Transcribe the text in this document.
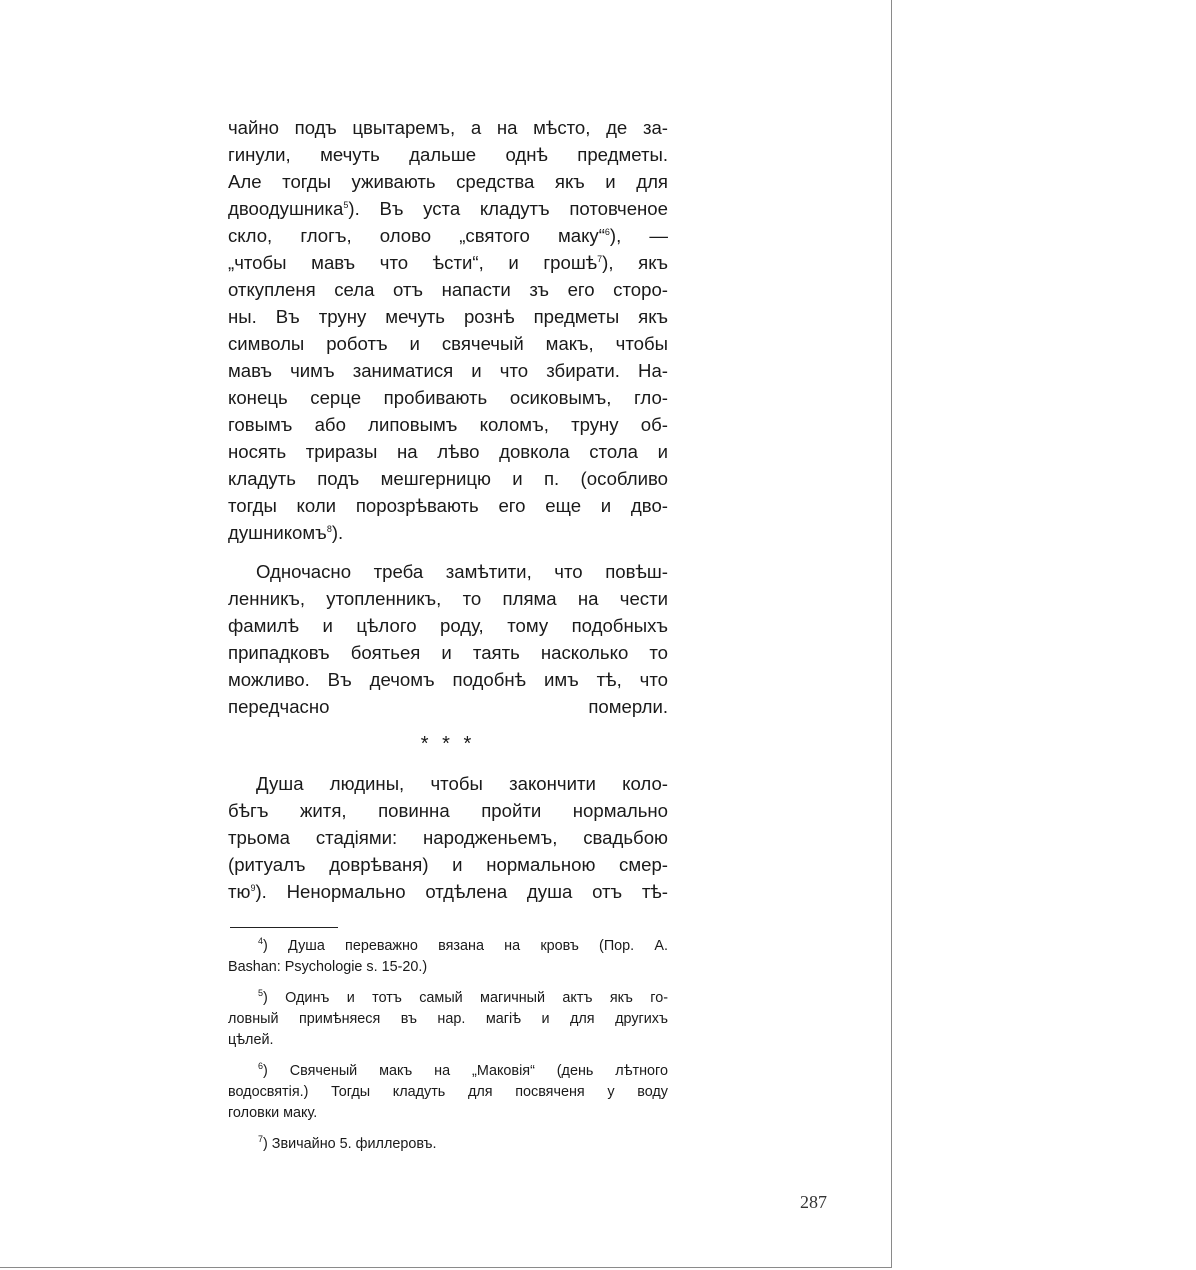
чайно подъ цвытаремъ, а на мѣсто, де за-
гинули, мечуть дальше однѣ предметы.
Але тогды уживають средства якъ и для
двоодушника$^5$). Въ уста кладутъ потовченое
скло, глогъ, олово „святого маку“$^6$), —
„чтобы мавъ что ѣсти“, и грошѣ$^7$), якъ
откупленя села отъ напасти зъ его сторо-
ны. Въ труну мечуть рознѣ предметы якъ
символы роботъ и свячечый макъ, чтобы
мавъ чимъ заниматися и что збирати. На-
конець серце пробивають осиковымъ, гло-
говымъ або липовымъ коломъ, труну об-
носять триразы на лѣво довкола стола и
кладуть подъ мешгерницю и п. (особливо
тогды коли порозрѣвають его еще и дво-
душникомъ$^8$).
Одночасно треба замѣтити, что повѣш-
ленникъ, утопленникъ, то пляма на чести
фамилѣ и цѣлого роду, тому подобныхъ
припадковъ боятьея и таять насколько то
можливо. Въ дечомъ подобнѣ имъ тѣ, что
передчасно померли.
* * *
Душа людины, чтобы закончити коло-
бѣгъ житя, повинна пройти нормально
трьома стадіями: народженьемъ, свадьбою
(ритуалъ доврѣваня) и нормальною смер-
$тю^9$). Ненормально отдѣлена душа отъ тѣ-
$^4$) Душа переважно вязана на кровъ (Пор. А.
Bashan: Psychologie s. 15-20.)
$^5$) Одинъ и тотъ самый магичный актъ якъ го-
ловный примѣняеся въ нар. магіѣ и для другихъ
цѣлей.
$^6$) Свяченый макъ на „Маковія“ (день лѣтного
водосвятія.) Тогды кладуть для посвяченя у воду
головки маку.
$^7$) Звичайно 5. филлеровъ.
287
